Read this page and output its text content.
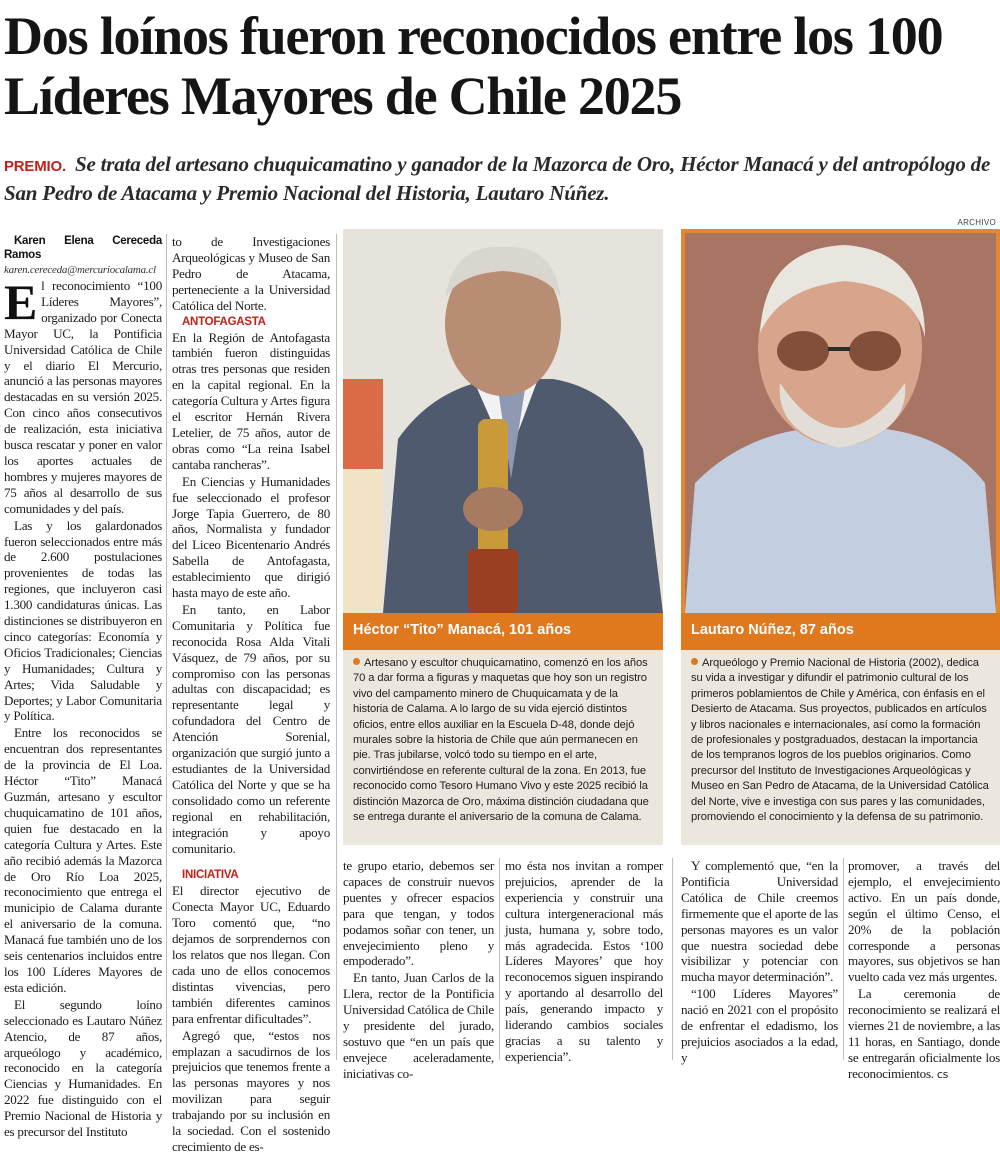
Dos loínos fueron reconocidos entre los 100 Líderes Mayores de Chile 2025
PREMIO. Se trata del artesano chuquicamatino y ganador de la Mazorca de Oro, Héctor Manacá y del antropólogo de San Pedro de Atacama y Premio Nacional del Historia, Lautaro Núñez.
ARCHIVO

Karen Elena Cereceda Ramos

karen.cereceda@mercuriocalama.cl

El reconocimiento “100 Líderes Mayores”, organizado por Conecta Mayor UC, la Pontificia Universidad Católica de Chile y el diario El Mercurio, anunció a las personas mayores destacadas en su versión 2025. Con cinco años consecutivos de realización, esta iniciativa busca rescatar y poner en valor los aportes actuales de hombres y mujeres mayores de 75 años al desarrollo de sus comunidades y del país.

Las y los galardonados fueron seleccionados entre más de 2.600 postulaciones provenientes de todas las regiones, que incluyeron casi 1.300 candidaturas únicas. Las distinciones se distribuyeron en cinco categorías: Economía y Oficios Tradicionales; Ciencias y Humanidades; Cultura y Artes; Vida Saludable y Deportes; y Labor Comunitaria y Política.

Entre los reconocidos se encuentran dos representantes de la provincia de El Loa. Héctor “Tito” Manacá Guzmán, artesano y escultor chuquicamatino de 101 años, quien fue destacado en la categoría Cultura y Artes. Este año recibió además la Mazorca de Oro Río Loa 2025, reconocimiento que entrega el municipio de Calama durante el aniversario de la comuna. Manacá fue también uno de los seis centenarios incluidos entre los 100 Líderes Mayores de esta edición.

El segundo loíno seleccionado es Lautaro Núñez Atencio, de 87 años, arqueólogo y académico, reconocido en la categoría Ciencias y Humanidades. En 2022 fue distinguido con el Premio Nacional de Historia y es precursor del Instituto

to de Investigaciones Arqueológicas y Museo de San Pedro de Atacama, perteneciente a la Universidad Católica del Norte.

ANTOFAGASTA

En la Región de Antofagasta también fueron distinguidas otras tres personas que residen en la capital regional. En la categoría Cultura y Artes figura el escritor Hernán Rivera Letelier, de 75 años, autor de obras como “La reina Isabel cantaba rancheras”.

En Ciencias y Humanidades fue seleccionado el profesor Jorge Tapia Guerrero, de 80 años, Normalista y fundador del Liceo Bicentenario Andrés Sabella de Antofagasta, establecimiento que dirigió hasta mayo de este año.

En tanto, en Labor Comunitaria y Política fue reconocida Rosa Alda Vitali Vásquez, de 79 años, por su compromiso con las personas adultas con discapacidad; es representante legal y cofundadora del Centro de Atención Sorenial, organización que surgió junto a estudiantes de la Universidad Católica del Norte y que se ha consolidado como un referente regional en rehabilitación, integración y apoyo comunitario.

INICIATIVA

El director ejecutivo de Conecta Mayor UC, Eduardo Toro comentó que, “no dejamos de sorprendernos con los relatos que nos llegan. Con cada uno de ellos conocemos distintas vivencias, pero también diferentes caminos para enfrentar dificultades”.

Agregó que, “estos nos emplazan a sacudirnos de los prejuicios que tenemos frente a las personas mayores y nos movilizan para seguir trabajando por su inclusión en la sociedad. Con el sostenido crecimiento de es-

Héctor “Tito” Manacá, 101 años
Artesano y escultor chuquicamatino, comenzó en los años 70 a dar forma a figuras y maquetas que hoy son un registro vivo del campamento minero de Chuquicamata y de la historia de Calama. A lo largo de su vida ejerció distintos oficios, entre ellos auxiliar en la Escuela D-48, donde dejó murales sobre la historia de Chile que aún permanecen en pie. Tras jubilarse, volcó todo su tiempo en el arte, convirtiéndose en referente cultural de la zona. En 2013, fue reconocido como Tesoro Humano Vivo y este 2025 recibió la distinción Mazorca de Oro, máxima distinción ciudadana que se entrega durante el aniversario de la comuna de Calama.
Lautaro Núñez, 87 años
Arqueólogo y Premio Nacional de Historia (2002), dedica su vida a investigar y difundir el patrimonio cultural de los primeros poblamientos de Chile y América, con énfasis en el Desierto de Atacama. Sus proyectos, publicados en artículos y libros nacionales e internacionales, así como la formación de profesionales y postgraduados, destacan la importancia de los tempranos logros de los pueblos originarios. Como precursor del Instituto de Investigaciones Arqueológicas y Museo en San Pedro de Atacama, de la Universidad Católica del Norte, vive e investiga con sus pares y las comunidades, promoviendo el conocimiento y la defensa de su patrimonio.

te grupo etario, debemos ser capaces de construir nuevos puentes y ofrecer espacios para que tengan, y todos podamos soñar con tener, un envejecimiento pleno y empoderado”.

En tanto, Juan Carlos de la Llera, rector de la Pontificia Universidad Católica de Chile y presidente del jurado, sostuvo que “en un país que envejece aceleradamente, iniciativas co-

mo ésta nos invitan a romper prejuicios, aprender de la experiencia y construir una cultura intergeneracional más justa, humana y, sobre todo, más agradecida. Estos ‘100 Líderes Mayores’ que hoy reconocemos siguen inspirando y aportando al desarrollo del país, generando impacto y liderando cambios sociales gracias a su talento y experiencia”.

Y complementó que, “en la Pontificia Universidad Católica de Chile creemos firmemente que el aporte de las personas mayores es un valor que nuestra sociedad debe visibilizar y potenciar con mucha mayor determinación”.

“100 Líderes Mayores” nació en 2021 con el propósito de enfrentar el edadismo, los prejuicios asociados a la edad, y

promover, a través del ejemplo, el envejecimiento activo. En un país donde, según el último Censo, el 20% de la población corresponde a personas mayores, sus objetivos se han vuelto cada vez más urgentes.

La ceremonia de reconocimiento se realizará el viernes 21 de noviembre, a las 11 horas, en Santiago, donde se entregarán oficialmente los reconocimientos. cs
